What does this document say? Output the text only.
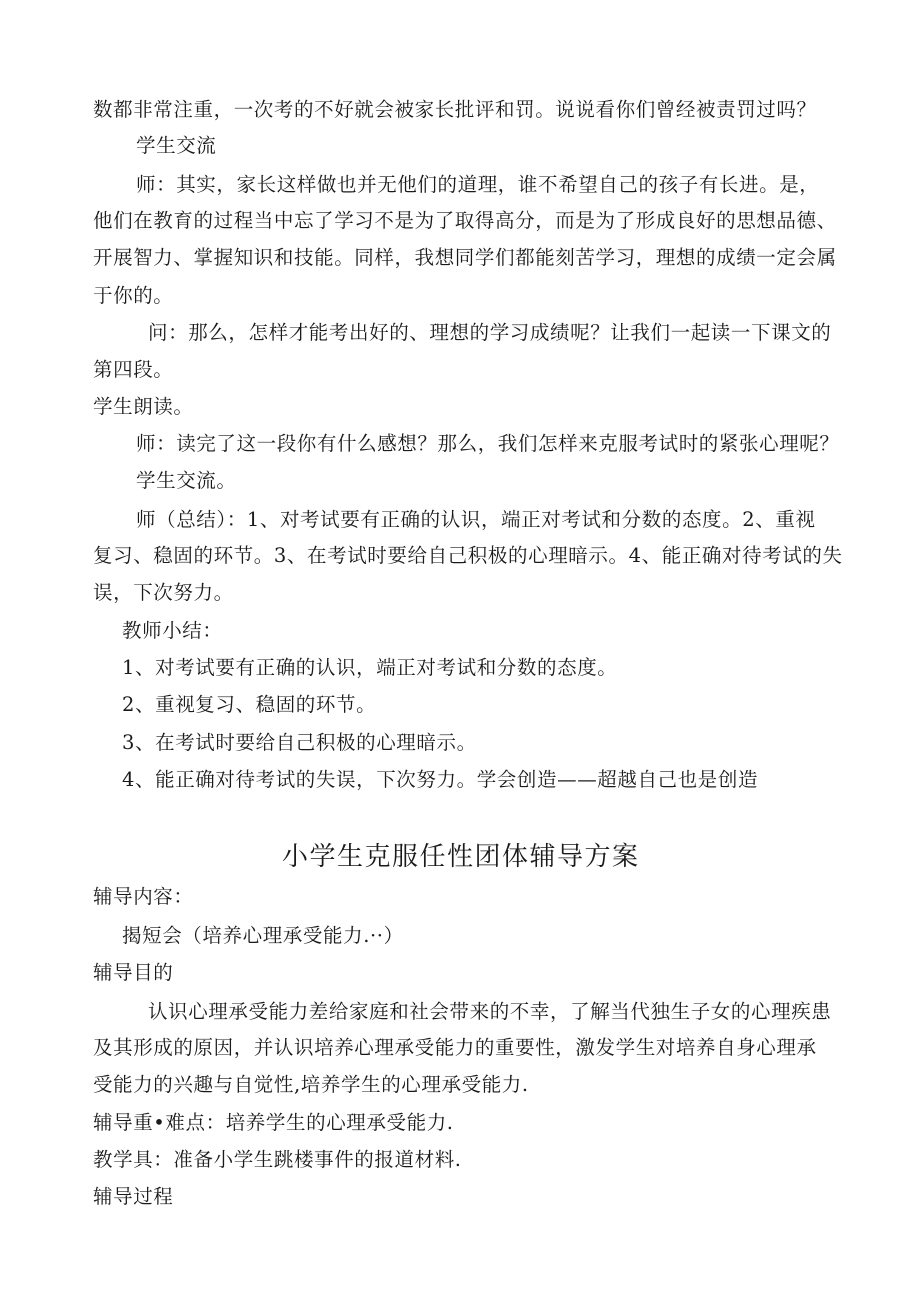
数都非常注重，一次考的不好就会被家长批评和罚。说说看你们曾经被责罚过吗？
学生交流
师：其实，家长这样做也并无他们的道理，谁不希望自己的孩子有长进。是，
他们在教育的过程当中忘了学习不是为了取得高分，而是为了形成良好的思想品德、
开展智力、掌握知识和技能。同样，我想同学们都能刻苦学习，理想的成绩一定会属
于你的。
问：那么，怎样才能考出好的、理想的学习成绩呢？让我们一起读一下课文的
第四段。
学生朗读。
师：读完了这一段你有什么感想？那么，我们怎样来克服考试时的紧张心理呢？
学生交流。
师（总结）：1、对考试要有正确的认识，端正对考试和分数的态度。2、重视
复习、稳固的环节。3、在考试时要给自己积极的心理暗示。4、能正确对待考试的失
误，下次努力。
教师小结：
1、对考试要有正确的认识，端正对考试和分数的态度。
2、重视复习、稳固的环节。
3、在考试时要给自己积极的心理暗示。
4、能正确对待考试的失误，下次努力。学会创造——超越自己也是创造
小学生克服任性团体辅导方案
辅导内容：
揭短会（培养心理承受能力.··）
辅导目的
认识心理承受能力差给家庭和社会带来的不幸，了解当代独生子女的心理疾患
及其形成的原因，并认识培养心理承受能力的重要性，激发学生对培养自身心理承
受能力的兴趣与自觉性,培养学生的心理承受能力.
辅导重•难点：培养学生的心理承受能力.
教学具：准备小学生跳楼事件的报道材料.
辅导过程
